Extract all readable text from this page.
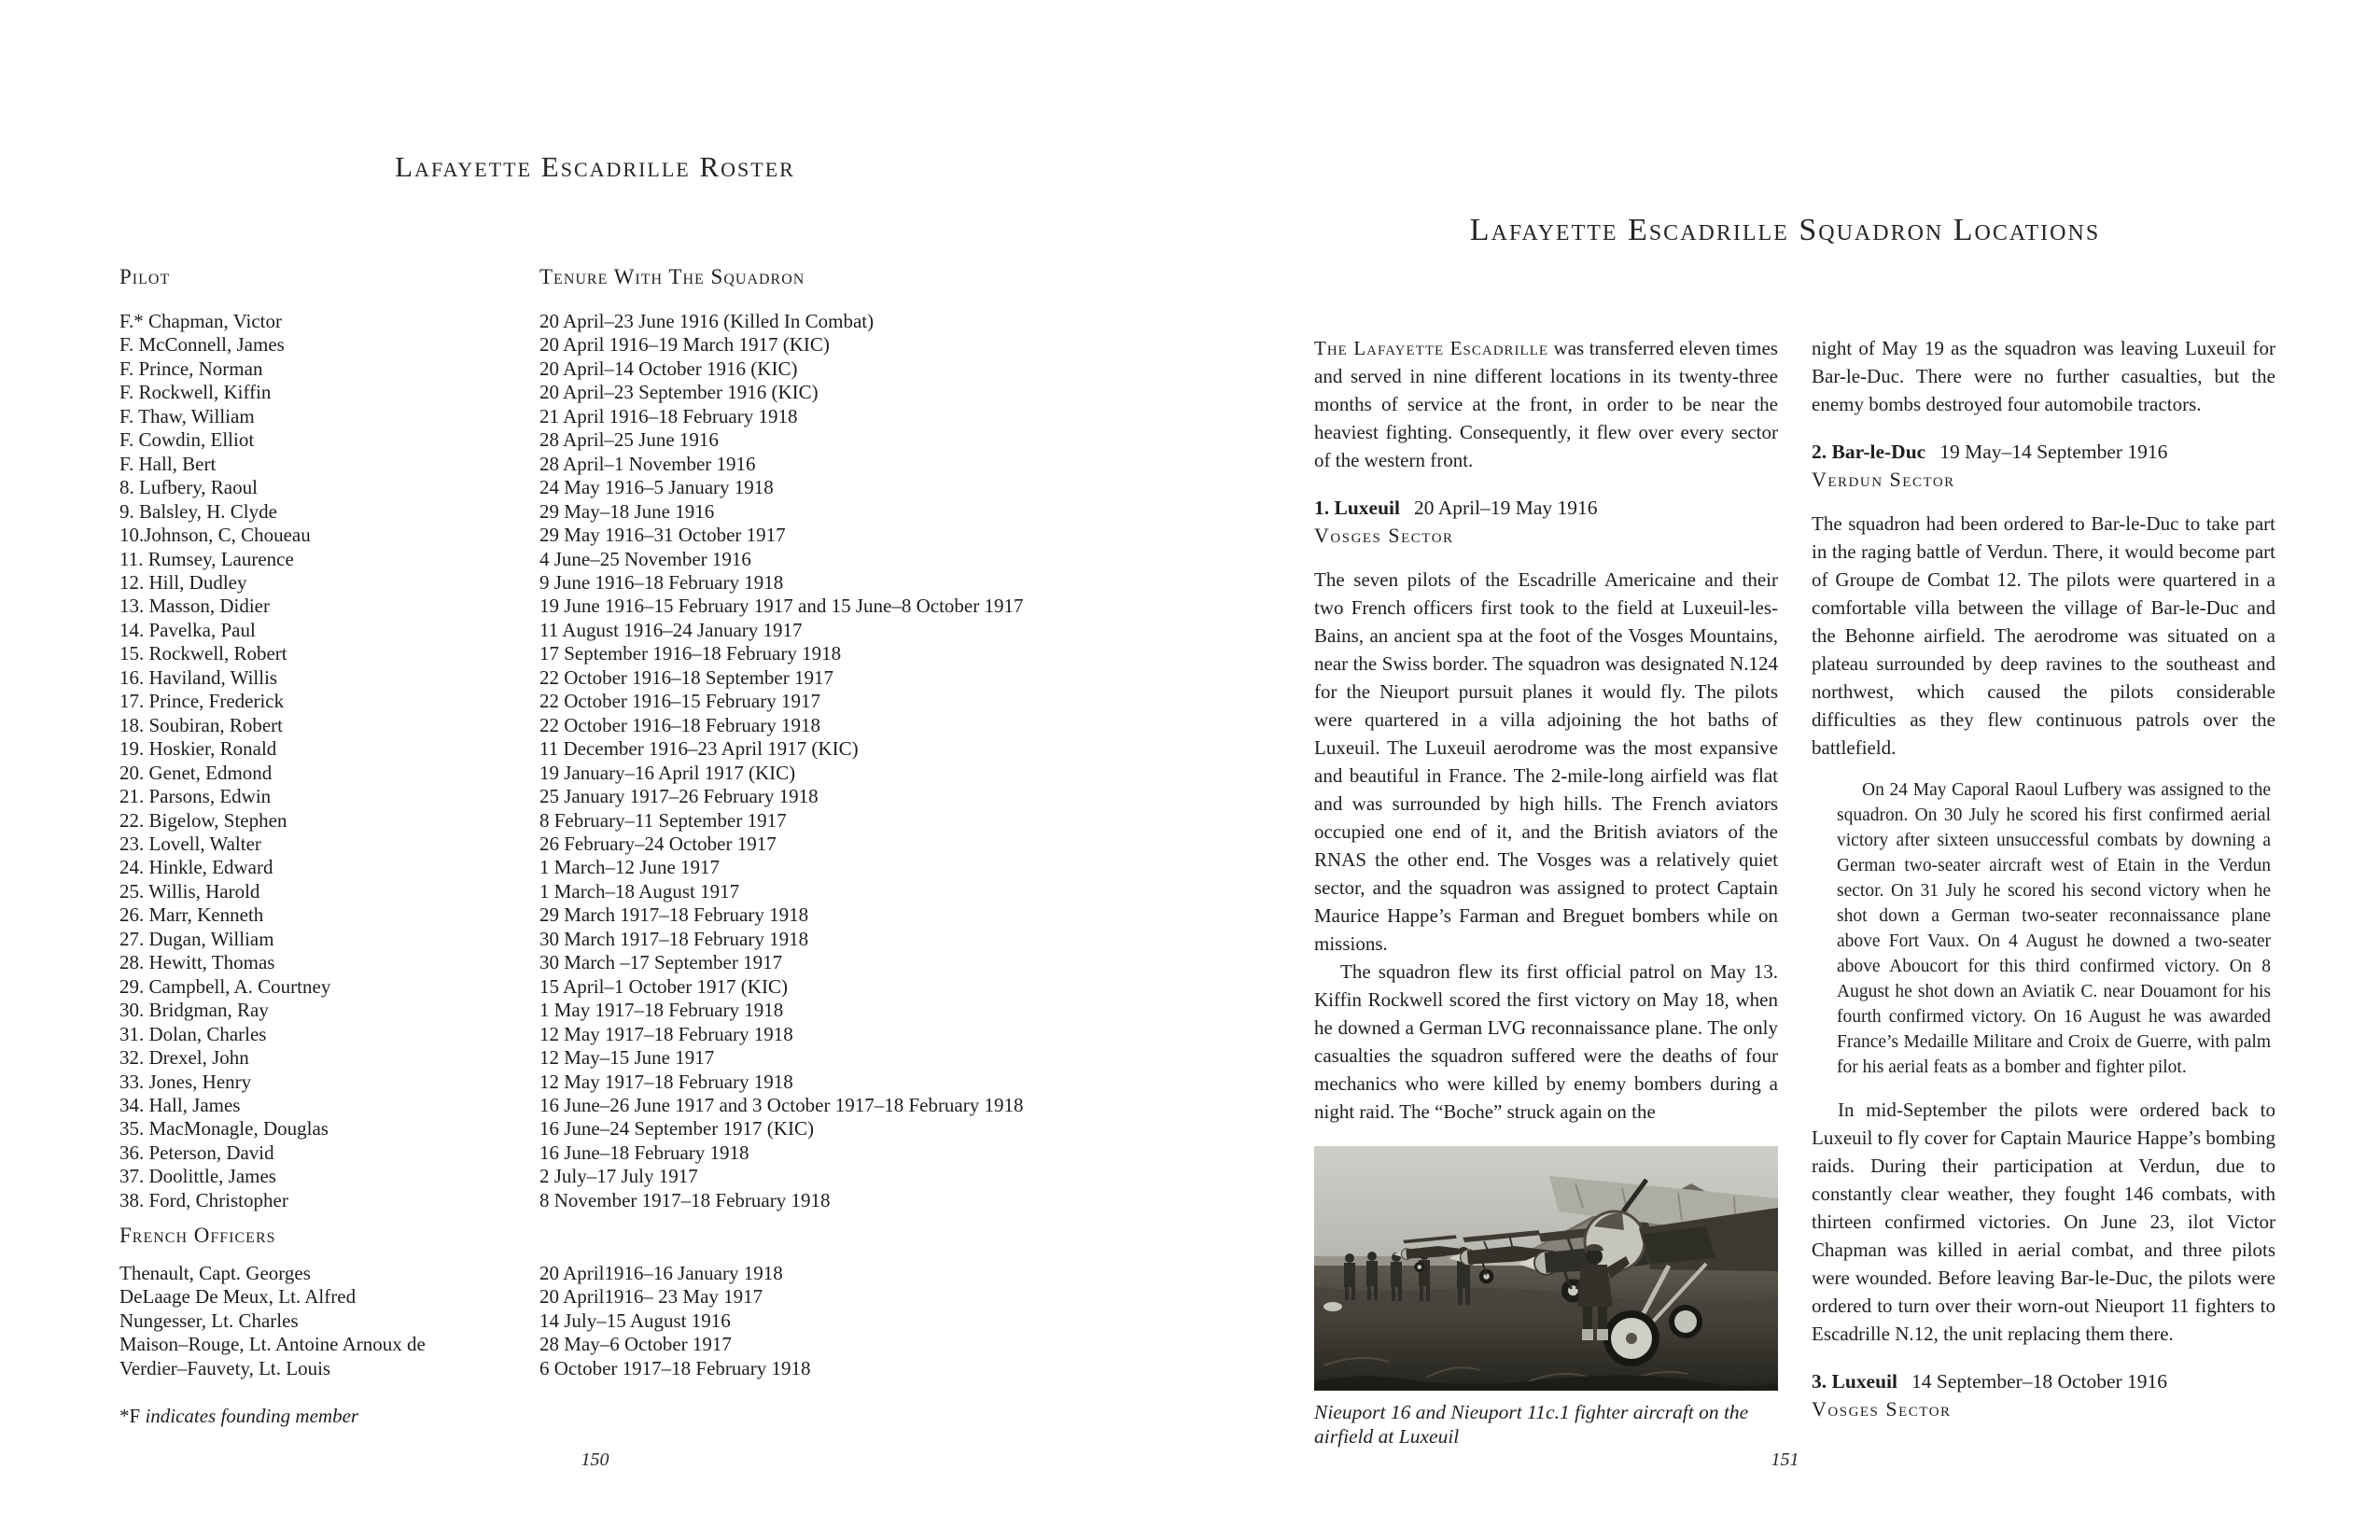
Lafayette Escadrille Roster
Pilot	Tenure With The Squadron
F.* Chapman, Victor	20 April–23 June 1916 (Killed In Combat)
F. McConnell, James	20 April 1916–19 March 1917 (KIC)
F. Prince, Norman	20 April–14 October 1916 (KIC)
F. Rockwell, Kiffin	20 April–23 September 1916 (KIC)
F. Thaw, William	21 April 1916–18 February 1918
F. Cowdin, Elliot	28 April–25 June 1916
F. Hall, Bert	28 April–1 November 1916
8. Lufbery, Raoul	24 May 1916–5 January 1918
9. Balsley, H. Clyde	29 May–18 June 1916
10.Johnson, C, Choueau	29 May 1916–31 October 1917
11. Rumsey, Laurence	4 June–25 November 1916
12. Hill, Dudley	9 June 1916–18 February 1918
13. Masson, Didier	19 June 1916–15 February 1917 and 15 June–8 October 1917
14. Pavelka, Paul	11 August 1916–24 January 1917
15. Rockwell, Robert	17 September 1916–18 February 1918
16. Haviland, Willis	22 October 1916–18 September 1917
17. Prince, Frederick	22 October 1916–15 February 1917
18. Soubiran, Robert	22 October 1916–18 February 1918
19. Hoskier, Ronald	11 December 1916–23 April 1917 (KIC)
20. Genet, Edmond	19 January–16 April 1917 (KIC)
21. Parsons, Edwin	25 January 1917–26 February 1918
22. Bigelow, Stephen	8 February–11 September 1917
23. Lovell, Walter	26 February–24 October 1917
24. Hinkle, Edward	1 March–12 June 1917
25. Willis, Harold	1 March–18 August 1917
26. Marr, Kenneth	29 March 1917–18 February 1918
27. Dugan, William	30 March 1917–18 February 1918
28. Hewitt, Thomas	30 March –17 September 1917
29. Campbell, A. Courtney	15 April–1 October 1917 (KIC)
30. Bridgman, Ray	1 May 1917–18 February 1918
31. Dolan, Charles	12 May 1917–18 February 1918
32. Drexel, John	12 May–15 June 1917
33. Jones, Henry	12 May 1917–18 February 1918
34. Hall, James	16 June–26 June 1917 and 3 October 1917–18 February 1918
35. MacMonagle, Douglas	16 June–24 September 1917 (KIC)
36. Peterson, David	16 June–18 February 1918
37. Doolittle, James	2 July–17 July 1917
38. Ford, Christopher	8 November 1917–18 February 1918
French Officers
Thenault, Capt. Georges	20 April1916–16 January 1918
DeLaage De Meux, Lt. Alfred	20 April1916– 23 May 1917
Nungesser, Lt. Charles	14 July–15 August 1916
Maison–Rouge, Lt. Antoine Arnoux de	28 May–6 October 1917
Verdier–Fauvety, Lt. Louis	6 October 1917–18 February 1918
*F indicates founding member
150
Lafayette Escadrille Squadron Locations

The Lafayette Escadrille was transferred eleven times and served in nine different locations in its twenty-three months of service at the front, in order to be near the heaviest fighting. Consequently, it flew over every sector of the western front.

1. Luxeuil 20 April–19 May 1916
Vosges Sector

The seven pilots of the Escadrille Americaine and their two French officers first took to the field at Luxeuil-les-Bains, an ancient spa at the foot of the Vosges Mountains, near the Swiss border. The squadron was designated N.124 for the Nieuport pursuit planes it would fly. The pilots were quartered in a villa adjoining the hot baths of Luxeuil. The Luxeuil aerodrome was the most expansive and beautiful in France. The 2-mile-long airfield was flat and was surrounded by high hills. The French aviators occupied one end of it, and the British aviators of the RNAS the other end. The Vosges was a relatively quiet sector, and the squadron was assigned to protect Captain Maurice Happe’s Farman and Breguet bombers while on missions.

The squadron flew its first official patrol on May 13. Kiffin Rockwell scored the first victory on May 18, when he downed a German LVG reconnaissance plane. The only casualties the squadron suffered were the deaths of four mechanics who were killed by enemy bombers during a night raid. The “Boche” struck again on the

Nieuport 16 and Nieuport 11c.1 fighter aircraft on the airfield at Luxeuil

night of May 19 as the squadron was leaving Luxeuil for Bar-le-Duc. There were no further casualties, but the enemy bombs destroyed four automobile tractors.

2. Bar-le-Duc 19 May–14 September 1916
Verdun Sector

The squadron had been ordered to Bar-le-Duc to take part in the raging battle of Verdun. There, it would become part of Groupe de Combat 12. The pilots were quartered in a comfortable villa between the village of Bar-le-Duc and the Behonne airfield. The aerodrome was situated on a plateau surrounded by deep ravines to the southeast and northwest, which caused the pilots considerable difficulties as they flew continuous patrols over the battlefield.

On 24 May Caporal Raoul Lufbery was assigned to the squadron. On 30 July he scored his first confirmed aerial victory after sixteen unsuccessful combats by downing a German two-seater aircraft west of Etain in the Verdun sector. On 31 July he scored his second victory when he shot down a German two-seater reconnaissance plane above Fort Vaux. On 4 August he downed a two-seater above Aboucort for this third confirmed victory. On 8 August he shot down an Aviatik C. near Douamont for his fourth confirmed victory. On 16 August he was awarded France’s Medaille Militare and Croix de Guerre, with palm for his aerial feats as a bomber and fighter pilot.

In mid-September the pilots were ordered back to Luxeuil to fly cover for Captain Maurice Happe’s bombing raids. During their participation at Verdun, due to constantly clear weather, they fought 146 combats, with thirteen confirmed victories. On June 23, ilot Victor Chapman was killed in aerial combat, and three pilots were wounded. Before leaving Bar-le-Duc, the pilots were ordered to turn over their worn-out Nieuport 11 fighters to Escadrille N.12, the unit replacing them there.

3. Luxeuil 14 September–18 October 1916
Vosges Sector
151
